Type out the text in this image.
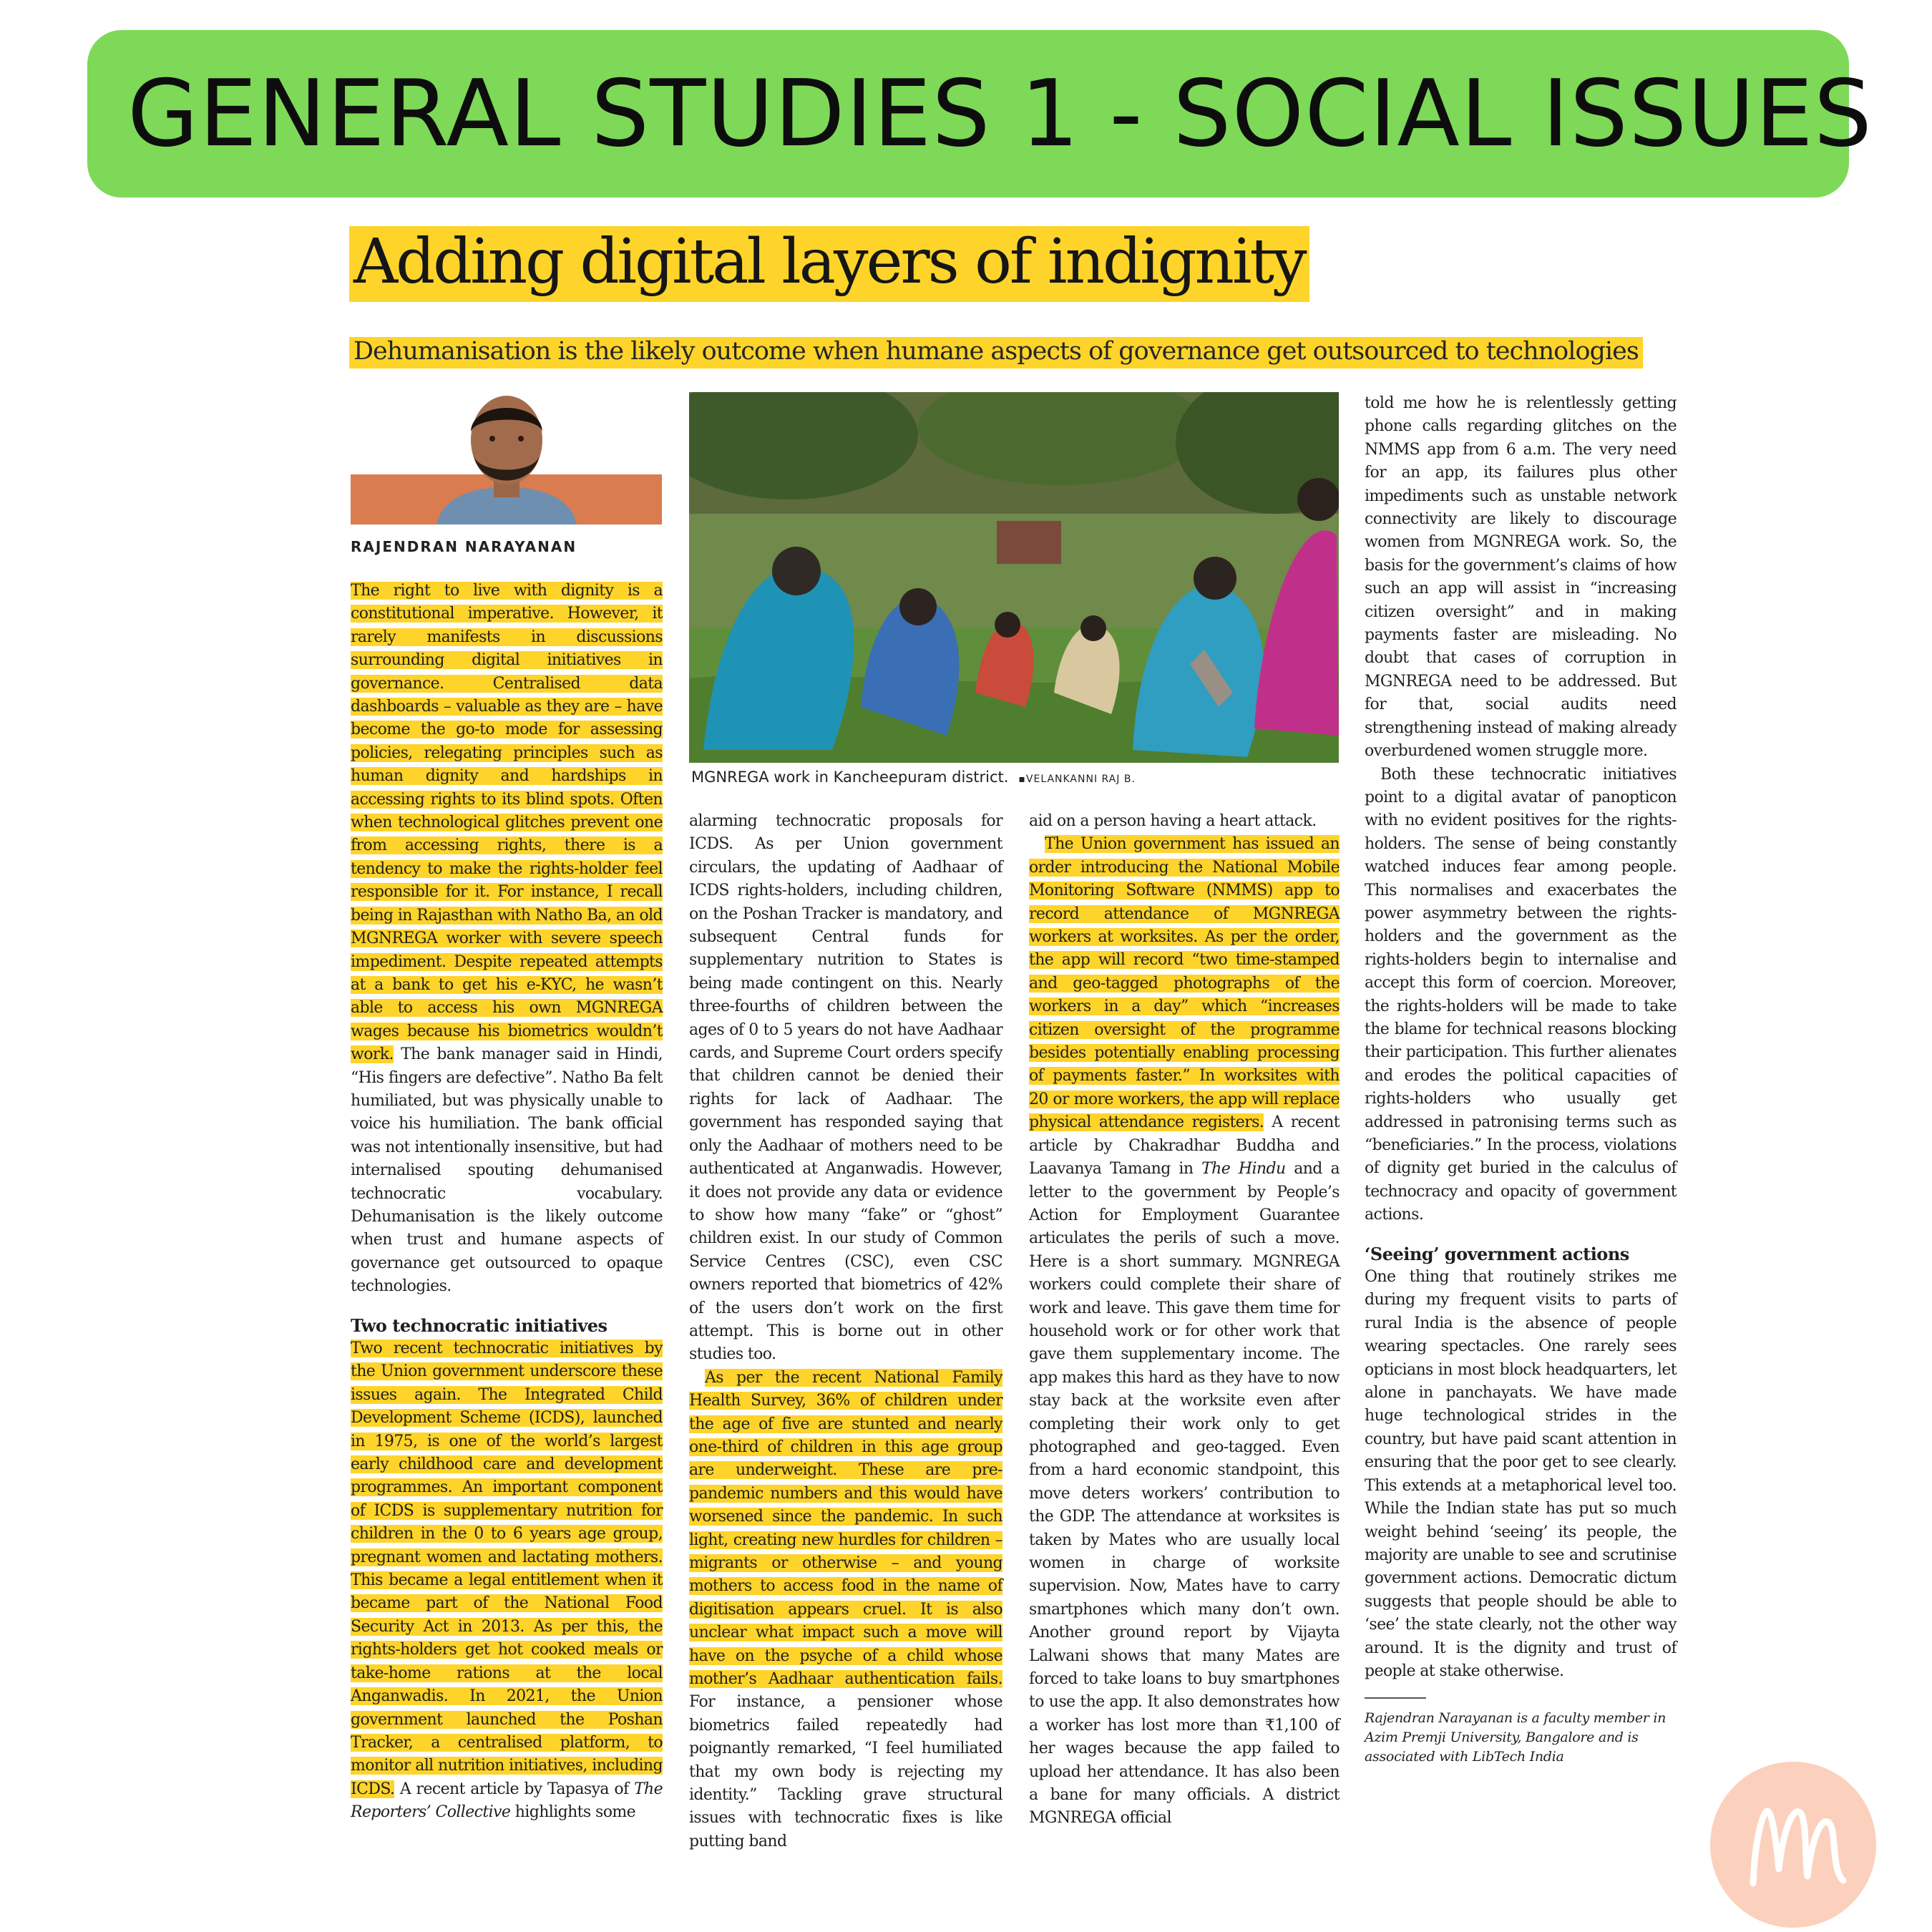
GENERAL STUDIES 1 - SOCIAL ISSUES
Adding digital layers of indignity
Dehumanisation is the likely outcome when humane aspects of governance get outsourced to technologies
RAJENDRAN NARAYANAN
MGNREGA work in Kancheepuram district. ▪VELANKANNI RAJ B.

The right to live with dignity is a constitutional imperative. However, it rarely manifests in discussions surrounding digital initiatives in governance. Centralised data dashboards – valuable as they are – have become the go-to mode for assessing policies, relegating principles such as human dignity and hardships in accessing rights to its blind spots. Often when technological glitches prevent one from accessing rights, there is a tendency to make the rights-holder feel responsible for it. For instance, I recall being in Rajasthan with Natho Ba, an old MGNREGA worker with severe speech impediment. Despite repeated attempts at a bank to get his e-KYC, he wasn’t able to access his own MGNREGA wages because his biometrics wouldn’t work. The bank manager said in Hindi, “His fingers are defective”. Natho Ba felt humiliated, but was physically unable to voice his humiliation. The bank official was not intentionally insensitive, but had internalised spouting dehumanised technocratic vocabulary. Dehumanisation is the likely outcome when trust and humane aspects of governance get outsourced to opaque technologies.

Two technocratic initiatives

Two recent technocratic initiatives by the Union government underscore these issues again. The Integrated Child Development Scheme (ICDS), launched in 1975, is one of the world’s largest early childhood care and development programmes. An important component of ICDS is supplementary nutrition for children in the 0 to 6 years age group, pregnant women and lactating mothers. This became a legal entitlement when it became part of the National Food Security Act in 2013. As per this, the rights-holders get hot cooked meals or take-home rations at the local Anganwadis. In 2021, the Union government launched the Poshan Tracker, a centralised platform, to monitor all nutrition initiatives, including ICDS. A recent article by Tapasya of The Reporters’ Collective highlights some

alarming technocratic proposals for ICDS. As per Union government circulars, the updating of Aadhaar of ICDS rights-holders, including children, on the Poshan Tracker is mandatory, and subsequent Central funds for supplementary nutrition to States is being made contingent on this. Nearly three-fourths of children between the ages of 0 to 5 years do not have Aadhaar cards, and Supreme Court orders specify that children cannot be denied their rights for lack of Aadhaar. The government has responded saying that only the Aadhaar of mothers need to be authenticated at Anganwadis. However, it does not provide any data or evidence to show how many “fake” or “ghost” children exist. In our study of Common Service Centres (CSC), even CSC owners reported that biometrics of 42% of the users don’t work on the first attempt. This is borne out in other studies too.

As per the recent National Family Health Survey, 36% of children under the age of five are stunted and nearly one-third of children in this age group are underweight. These are pre-pandemic numbers and this would have worsened since the pandemic. In such light, creating new hurdles for children – migrants or otherwise – and young mothers to access food in the name of digitisation appears cruel. It is also unclear what impact such a move will have on the psyche of a child whose mother’s Aadhaar authentication fails. For instance, a pensioner whose biometrics failed repeatedly had poignantly remarked, “I feel humiliated that my own body is rejecting my identity.” Tackling grave structural issues with technocratic fixes is like putting band

aid on a person having a heart attack.

The Union government has issued an order introducing the National Mobile Monitoring Software (NMMS) app to record attendance of MGNREGA workers at worksites. As per the order, the app will record “two time-stamped and geo-tagged photographs of the workers in a day” which “increases citizen oversight of the programme besides potentially enabling processing of payments faster.” In worksites with 20 or more workers, the app will replace physical attendance registers. A recent article by Chakradhar Buddha and Laavanya Tamang in The Hindu and a letter to the government by People’s Action for Employment Guarantee articulates the perils of such a move. Here is a short summary. MGNREGA workers could complete their share of work and leave. This gave them time for household work or for other work that gave them supplementary income. The app makes this hard as they have to now stay back at the worksite even after completing their work only to get photographed and geo-tagged. Even from a hard economic standpoint, this move deters workers’ contribution to the GDP. The attendance at worksites is taken by Mates who are usually local women in charge of worksite supervision. Now, Mates have to carry smartphones which many don’t own. Another ground report by Vijayta Lalwani shows that many Mates are forced to take loans to buy smartphones to use the app. It also demonstrates how a worker has lost more than ₹1,100 of her wages because the app failed to upload her attendance. It has also been a bane for many officials. A district MGNREGA official

told me how he is relentlessly getting phone calls regarding glitches on the NMMS app from 6 a.m. The very need for an app, its failures plus other impediments such as unstable network connectivity are likely to discourage women from MGNREGA work. So, the basis for the government’s claims of how such an app will assist in “increasing citizen oversight” and in making payments faster are misleading. No doubt that cases of corruption in MGNREGA need to be addressed. But for that, social audits need strengthening instead of making already overburdened women struggle more.

Both these technocratic initiatives point to a digital avatar of panopticon with no evident positives for the rights-holders. The sense of being constantly watched induces fear among people. This normalises and exacerbates the power asymmetry between the rights-holders and the government as the rights-holders begin to internalise and accept this form of coercion. Moreover, the rights-holders will be made to take the blame for technical reasons blocking their participation. This further alienates and erodes the political capacities of rights-holders who usually get addressed in patronising terms such as “beneficiaries.” In the process, violations of dignity get buried in the calculus of technocracy and opacity of government actions.

‘Seeing’ government actions

One thing that routinely strikes me during my frequent visits to parts of rural India is the absence of people wearing spectacles. One rarely sees opticians in most block headquarters, let alone in panchayats. We have made huge technological strides in the country, but have paid scant attention in ensuring that the poor get to see clearly. This extends at a metaphorical level too. While the Indian state has put so much weight behind ‘seeing’ its people, the majority are unable to see and scrutinise government actions. Democratic dictum suggests that people should be able to ‘see’ the state clearly, not the other way around. It is the dignity and trust of people at stake otherwise.

Rajendran Narayanan is a faculty member in Azim Premji University, Bangalore and is associated with LibTech India
